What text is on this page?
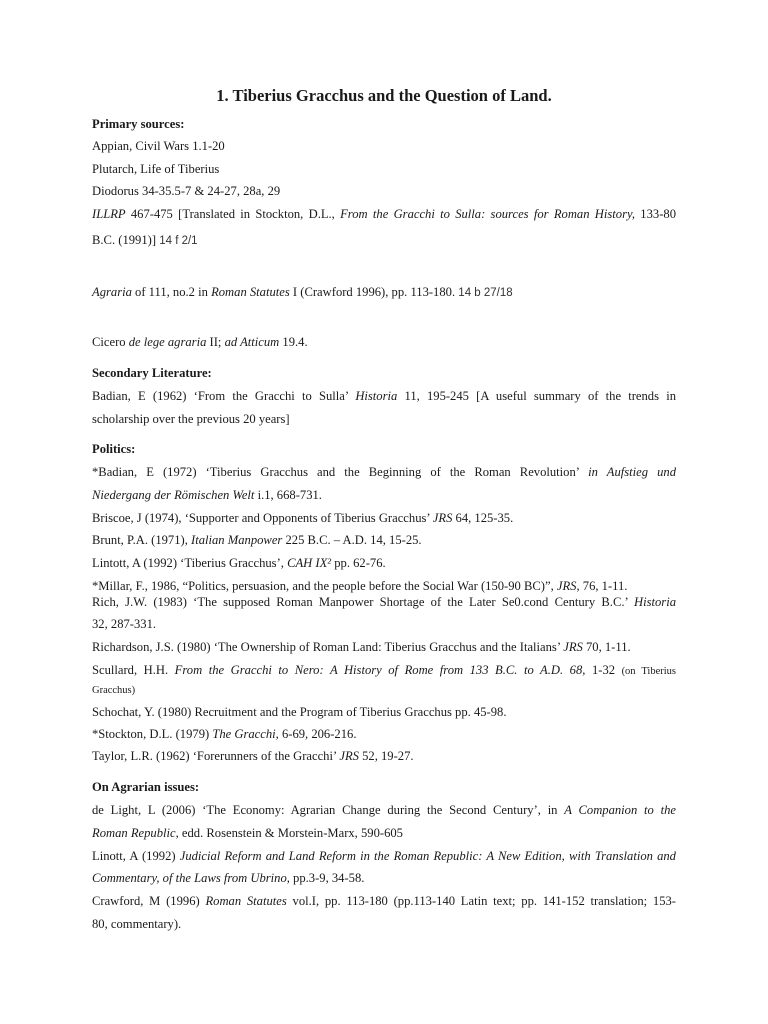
1. Tiberius Gracchus and the Question of Land.
Primary sources:
Appian, Civil Wars 1.1-20
Plutarch, Life of Tiberius
Diodorus 34-35.5-7 & 24-27, 28a, 29
ILLRP 467-475 [Translated in Stockton, D.L., From the Gracchi to Sulla: sources for Roman History, 133-80
B.C. (1991)] 14 f 2/1
Agraria of 111, no.2 in Roman Statutes I (Crawford 1996), pp. 113-180. 14 b 27/18
Cicero de lege agraria II; ad Atticum 19.4.
Secondary Literature:
Badian, E (1962) ‘From the Gracchi to Sulla’ Historia 11, 195-245 [A useful summary of the trends in
scholarship over the previous 20 years]
Politics:
*Badian, E (1972) ‘Tiberius Gracchus and the Beginning of the Roman Revolution’ in Aufstieg und
Niedergang der Römischen Welt i.1, 668-731.
Briscoe, J (1974), ‘Supporter and Opponents of Tiberius Gracchus’ JRS 64, 125-35.
Brunt, P.A. (1971), Italian Manpower 225 B.C. – A.D. 14, 15-25.
Lintott, A (1992) ‘Tiberius Gracchus’, CAH IX² pp. 62-76.
*Millar, F., 1986, “Politics, persuasion, and the people before the Social War (150-90 BC)”, JRS, 76, 1-11.
Rich, J.W. (1983) ‘The supposed Roman Manpower Shortage of the Later Se0.cond Century B.C.’ Historia
32, 287-331.
Richardson, J.S. (1980) ‘The Ownership of Roman Land: Tiberius Gracchus and the Italians’ JRS 70, 1-11.
Scullard, H.H. From the Gracchi to Nero: A History of Rome from 133 B.C. to A.D. 68, 1-32 (on Tiberius
Gracchus)
Schochat, Y. (1980) Recruitment and the Program of Tiberius Gracchus pp. 45-98.
*Stockton, D.L. (1979) The Gracchi, 6-69, 206-216.
Taylor, L.R. (1962) ‘Forerunners of the Gracchi’ JRS 52, 19-27.
On Agrarian issues:
de Light, L (2006) ‘The Economy: Agrarian Change during the Second Century’, in A Companion to the
Roman Republic, edd. Rosenstein & Morstein-Marx, 590-605
Linott, A (1992) Judicial Reform and Land Reform in the Roman Republic: A New Edition, with Translation and
Commentary, of the Laws from Ubrino, pp.3-9, 34-58.
Crawford, M (1996) Roman Statutes vol.I, pp. 113-180 (pp.113-140 Latin text; pp. 141-152 translation; 153-
80, commentary).
